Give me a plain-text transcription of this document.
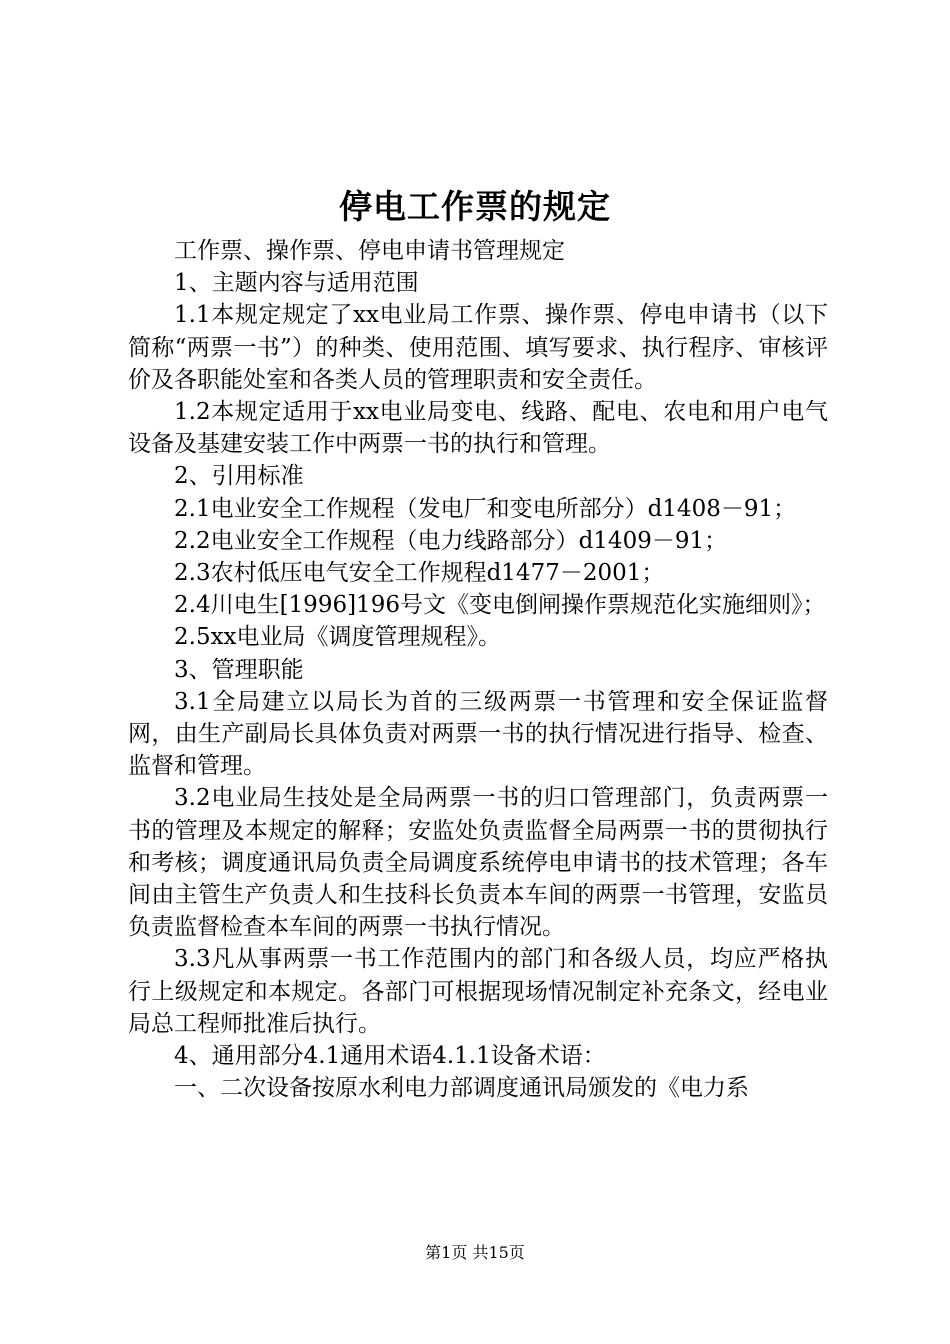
停电工作票的规定

工作票、操作票、停电申请书管理规定

1、主题内容与适用范围

1.1本规定规定了xx电业局工作票、操作票、停电申请书（以下简称“两票一书”）的种类、使用范围、填写要求、执行程序、审核评价及各职能处室和各类人员的管理职责和安全责任。

1.2本规定适用于xx电业局变电、线路、配电、农电和用户电气设备及基建安装工作中两票一书的执行和管理。

2、引用标准

2.1电业安全工作规程（发电厂和变电所部分）d1408－91；

2.2电业安全工作规程（电力线路部分）d1409－91；

2.3农村低压电气安全工作规程d1477－2001；

2.4川电生[1996]196号文《变电倒闸操作票规范化实施细则》；

2.5xx电业局《调度管理规程》。

3、管理职能

3.1全局建立以局长为首的三级两票一书管理和安全保证监督网，由生产副局长具体负责对两票一书的执行情况进行指导、检查、监督和管理。

3.2电业局生技处是全局两票一书的归口管理部门，负责两票一书的管理及本规定的解释；安监处负责监督全局两票一书的贯彻执行和考核；调度通讯局负责全局调度系统停电申请书的技术管理；各车间由主管生产负责人和生技科长负责本车间的两票一书管理，安监员负责监督检查本车间的两票一书执行情况。

3.3凡从事两票一书工作范围内的部门和各级人员，均应严格执行上级规定和本规定。各部门可根据现场情况制定补充条文，经电业局总工程师批准后执行。

4、通用部分4.1通用术语4.1.1设备术语：

一、二次设备按原水利电力部调度通讯局颁发的《电力系

第1页 共15页
